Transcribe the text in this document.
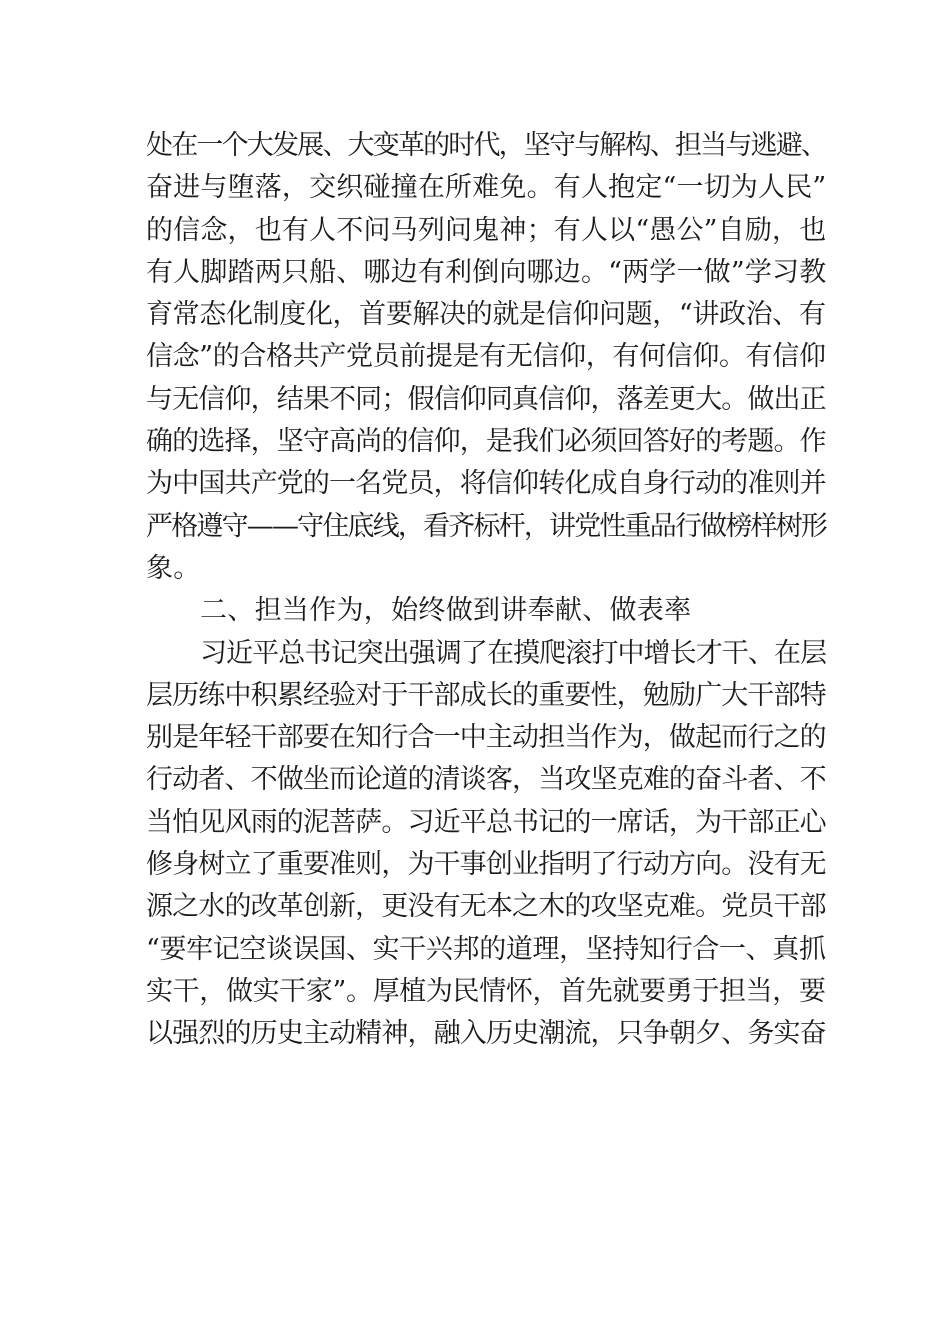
处在一个大发展、大变革的时代，坚守与解构、担当与逃避、
奋进与堕落，交织碰撞在所难免。有人抱定“一切为人民”
的信念，也有人不问马列问鬼神；有人以“愚公”自励，也
有人脚踏两只船、哪边有利倒向哪边。“两学一做”学习教
育常态化制度化，首要解决的就是信仰问题，“讲政治、有
信念”的合格共产党员前提是有无信仰，有何信仰。有信仰
与无信仰，结果不同；假信仰同真信仰，落差更大。做出正
确的选择，坚守高尚的信仰，是我们必须回答好的考题。作
为中国共产党的一名党员，将信仰转化成自身行动的准则并
严格遵守——守住底线，看齐标杆，讲党性重品行做榜样树形
象。
二、担当作为，始终做到讲奉献、做表率
习近平总书记突出强调了在摸爬滚打中增长才干、在层
层历练中积累经验对于干部成长的重要性，勉励广大干部特
别是年轻干部要在知行合一中主动担当作为，做起而行之的
行动者、不做坐而论道的清谈客，当攻坚克难的奋斗者、不
当怕见风雨的泥菩萨。习近平总书记的一席话，为干部正心
修身树立了重要准则，为干事创业指明了行动方向。没有无
源之水的改革创新，更没有无本之木的攻坚克难。党员干部
“要牢记空谈误国、实干兴邦的道理，坚持知行合一、真抓
实干，做实干家”。厚植为民情怀，首先就要勇于担当，要
以强烈的历史主动精神，融入历史潮流，只争朝夕、务实奋
